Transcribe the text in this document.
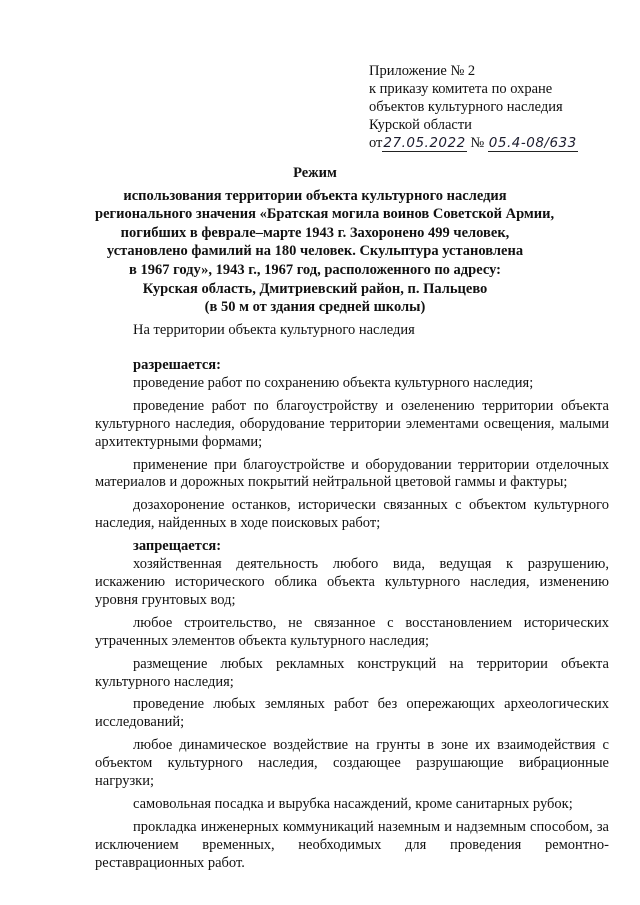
Приложение № 2
к приказу комитета по охране
объектов культурного наследия
Курской области
от27.05.2022 № 05.4-08/633
Режим
использования территории объекта культурного наследия
регионального значения «Братская могила воинов Советской Армии,
погибших в феврале–марте 1943 г. Захоронено 499 человек,
установлено фамилий на 180 человек. Скульптура установлена
в 1967 году», 1943 г., 1967 год, расположенного по адресу:
Курская область, Дмитриевский район, п. Пальцево
(в 50 м от здания средней школы)
На территории объекта культурного наследия
разрешается:
проведение работ по сохранению объекта культурного наследия;
проведение работ по благоустройству и озеленению территории объекта культурного наследия, оборудование территории элементами освещения, малыми архитектурными формами;
применение при благоустройстве и оборудовании территории отделочных материалов и дорожных покрытий нейтральной цветовой гаммы и фактуры;
дозахоронение останков, исторически связанных с объектом культурного наследия, найденных в ходе поисковых работ;
запрещается:
хозяйственная деятельность любого вида, ведущая к разрушению, искажению исторического облика объекта культурного наследия, изменению уровня грунтовых вод;
любое строительство, не связанное с восстановлением исторических утраченных элементов объекта культурного наследия;
размещение любых рекламных конструкций на территории объекта культурного наследия;
проведение любых земляных работ без опережающих археологических исследований;
любое динамическое воздействие на грунты в зоне их взаимодействия с объектом культурного наследия, создающее разрушающие вибрационные нагрузки;
самовольная посадка и вырубка насаждений, кроме санитарных рубок;
прокладка инженерных коммуникаций наземным и надземным способом, за исключением временных, необходимых для проведения ремонтно-реставрационных работ.
